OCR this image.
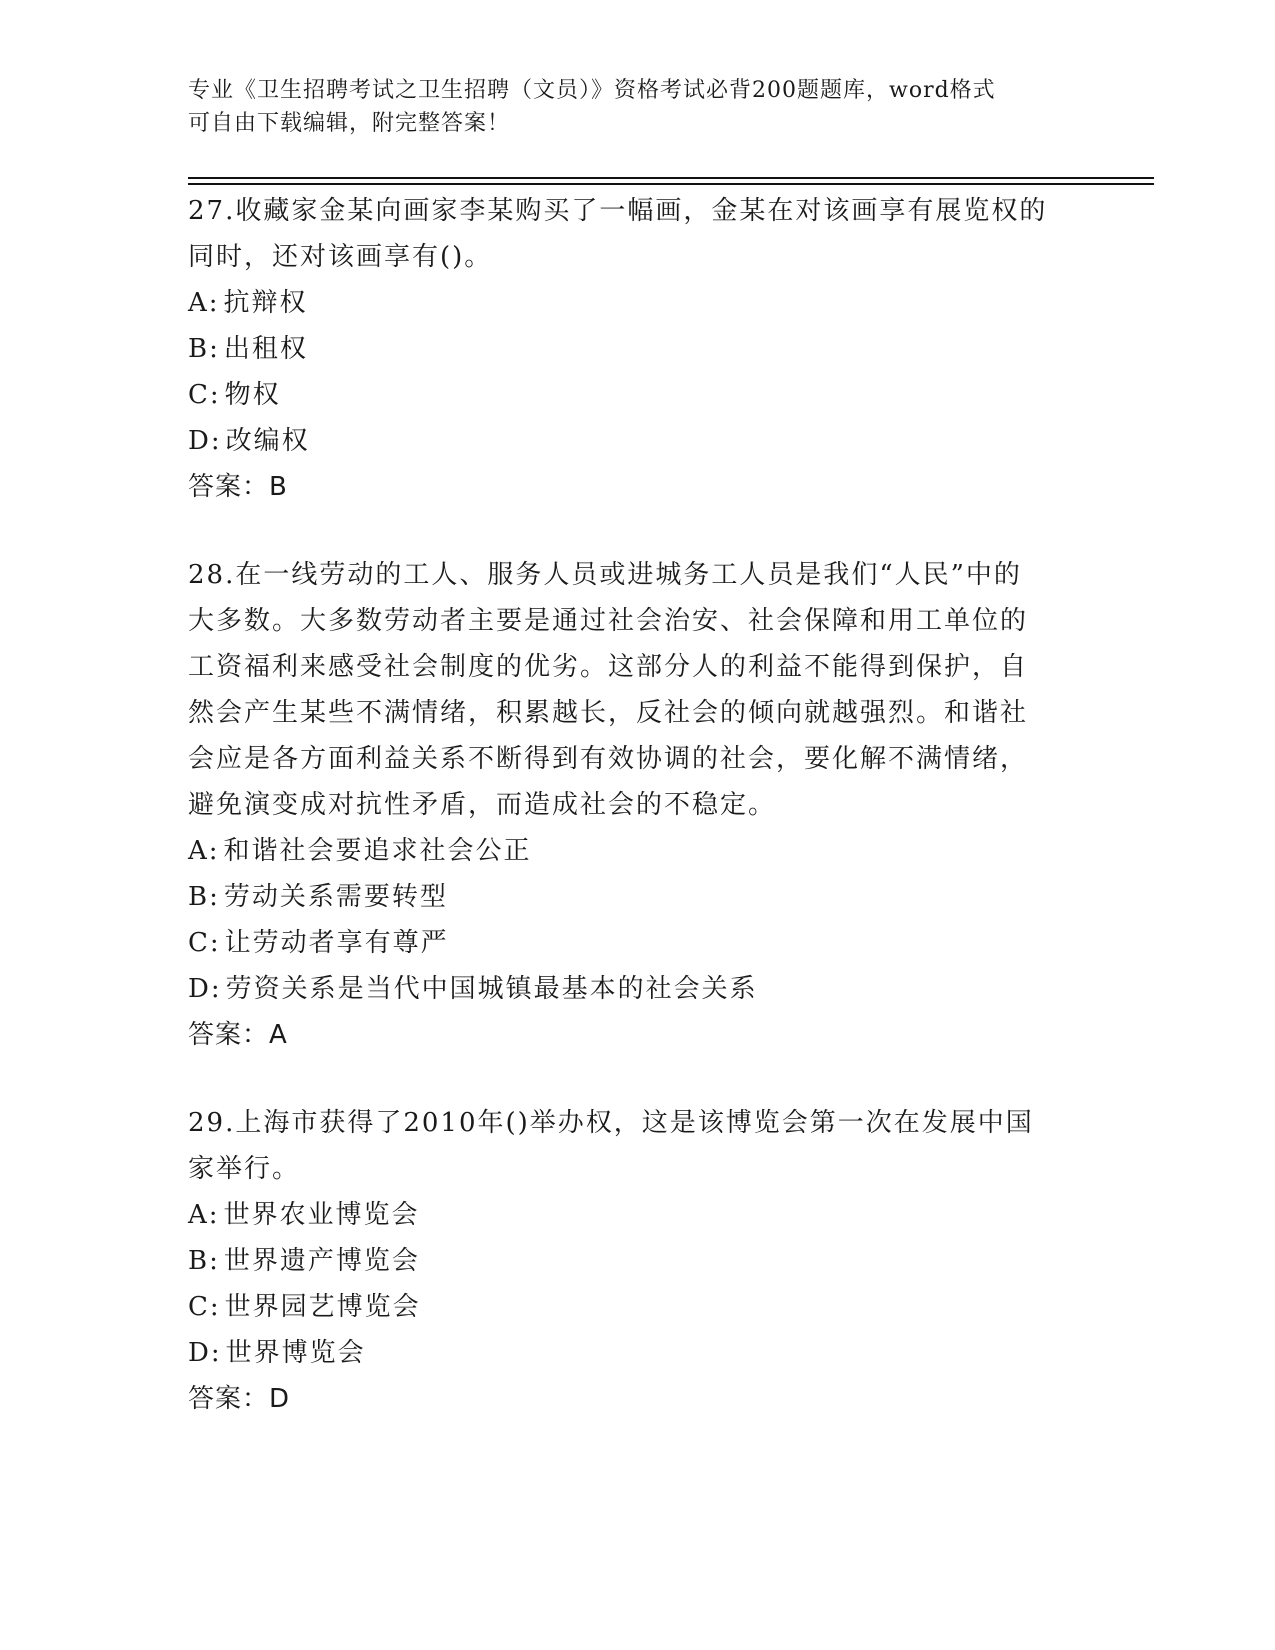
专业《卫生招聘考试之卫生招聘（文员）》资格考试必背200题题库，word格式
可自由下载编辑，附完整答案！
27.收藏家金某向画家李某购买了一幅画，金某在对该画享有展览权的
同时，还对该画享有()。
A: 抗辩权
B: 出租权
C: 物权
D: 改编权
答案：B
28.在一线劳动的工人、服务人员或进城务工人员是我们“人民”中的
大多数。大多数劳动者主要是通过社会治安、社会保障和用工单位的
工资福利来感受社会制度的优劣。这部分人的利益不能得到保护，自
然会产生某些不满情绪，积累越长，反社会的倾向就越强烈。和谐社
会应是各方面利益关系不断得到有效协调的社会，要化解不满情绪，
避免演变成对抗性矛盾，而造成社会的不稳定。
A: 和谐社会要追求社会公正
B: 劳动关系需要转型
C: 让劳动者享有尊严
D: 劳资关系是当代中国城镇最基本的社会关系
答案：A
29.上海市获得了2010年()举办权，这是该博览会第一次在发展中国
家举行。
A: 世界农业博览会
B: 世界遗产博览会
C: 世界园艺博览会
D: 世界博览会
答案：D
